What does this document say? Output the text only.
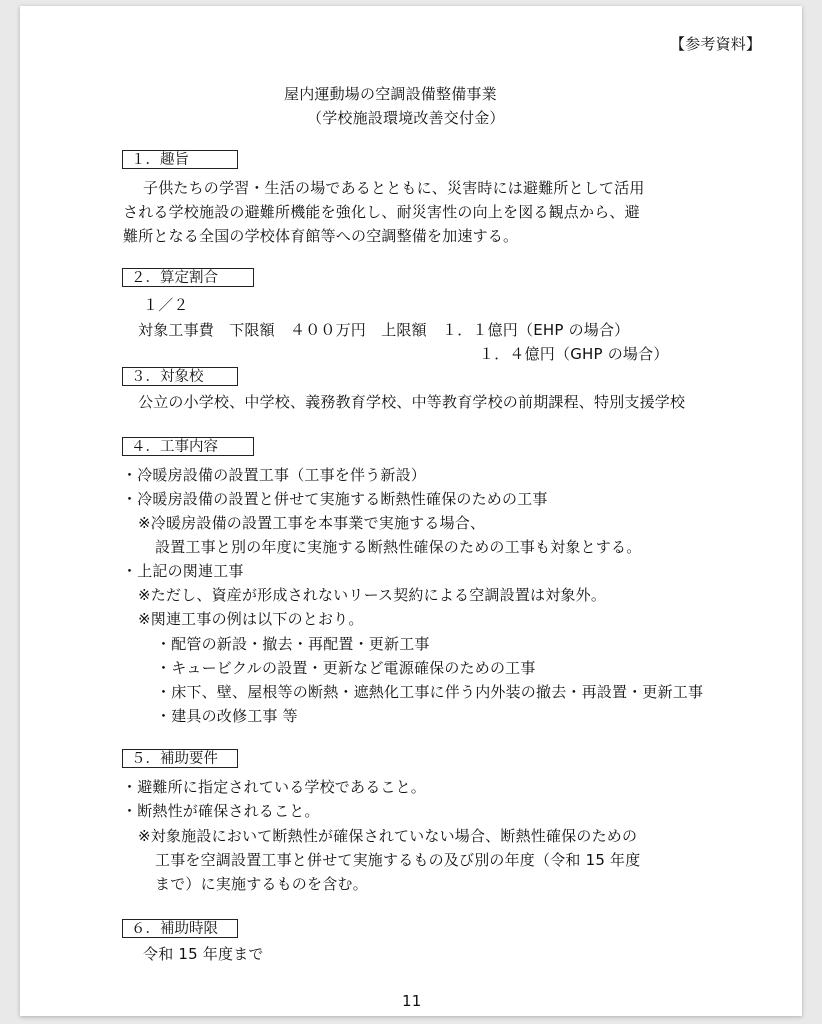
【参考資料】
屋内運動場の空調設備整備事業
（学校施設環境改善交付金）
１．趣旨
子供たちの学習・生活の場であるとともに、災害時には避難所として活用
される学校施設の避難所機能を強化し、耐災害性の向上を図る観点から、避
難所となる全国の学校体育館等への空調整備を加速する。
２．算定割合
１／２
対象工事費　下限額　４００万円　上限額　１．１億円（EHP の場合）
１．４億円（GHP の場合）
３．対象校
公立の小学校、中学校、義務教育学校、中等教育学校の前期課程、特別支援学校
４．工事内容
・冷暖房設備の設置工事（工事を伴う新設）
・冷暖房設備の設置と併せて実施する断熱性確保のための工事
※冷暖房設備の設置工事を本事業で実施する場合、
設置工事と別の年度に実施する断熱性確保のための工事も対象とする。
・上記の関連工事
※ただし、資産が形成されないリース契約による空調設置は対象外。
※関連工事の例は以下のとおり。
・配管の新設・撤去・再配置・更新工事
・キュービクルの設置・更新など電源確保のための工事
・床下、壁、屋根等の断熱・遮熱化工事に伴う内外装の撤去・再設置・更新工事
・建具の改修工事 等
５．補助要件
・避難所に指定されている学校であること。
・断熱性が確保されること。
※対象施設において断熱性が確保されていない場合、断熱性確保のための
工事を空調設置工事と併せて実施するもの及び別の年度（令和 15 年度
まで）に実施するものを含む。
６．補助時限
令和 15 年度まで
11
